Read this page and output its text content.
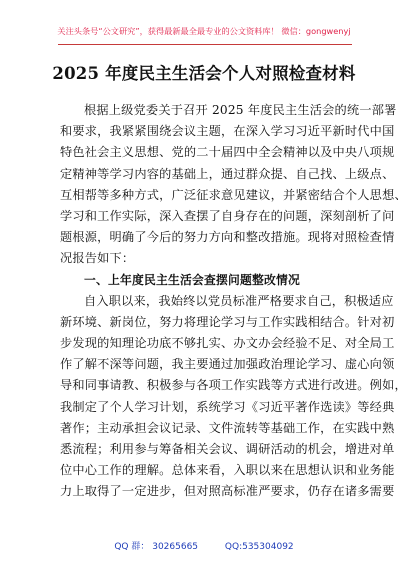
关注头条号“公文研究”，获得最新最全最专业的公文资料库！ 微信：gongwenyj
2025 年度民主生活会个人对照检查材料
根据上级党委关于召开 2025 年度民主生活会的统一部署
和要求，我紧紧围绕会议主题，在深入学习习近平新时代中国
特色社会主义思想、党的二十届四中全会精神以及中央八项规
定精神等学习内容的基础上，通过群众提、自己找、上级点、
互相帮等多种方式，广泛征求意见建议，并紧密结合个人思想、
学习和工作实际，深入查摆了自身存在的问题，深刻剖析了问
题根源，明确了今后的努力方向和整改措施。现将对照检查情
况报告如下：
一、上年度民主生活会查摆问题整改情况
自入职以来，我始终以党员标准严格要求自己，积极适应
新环境、新岗位，努力将理论学习与工作实践相结合。针对初
步发现的知理论功底不够扎实、办文办会经验不足、对全局工
作了解不深等问题，我主要通过加强政治理论学习、虚心向领
导和同事请教、积极参与各项工作实践等方式进行改进。例如，
我制定了个人学习计划，系统学习《习近平著作选读》等经典
著作；主动承担会议记录、文件流转等基础工作，在实践中熟
悉流程；利用参与筹备相关会议、调研活动的机会，增进对单
位中心工作的理解。总体来看，入职以来在思想认识和业务能
力上取得了一定进步，但对照高标准严要求，仍存在诸多需要
QQ 群： 30265665	QQ:535304092
